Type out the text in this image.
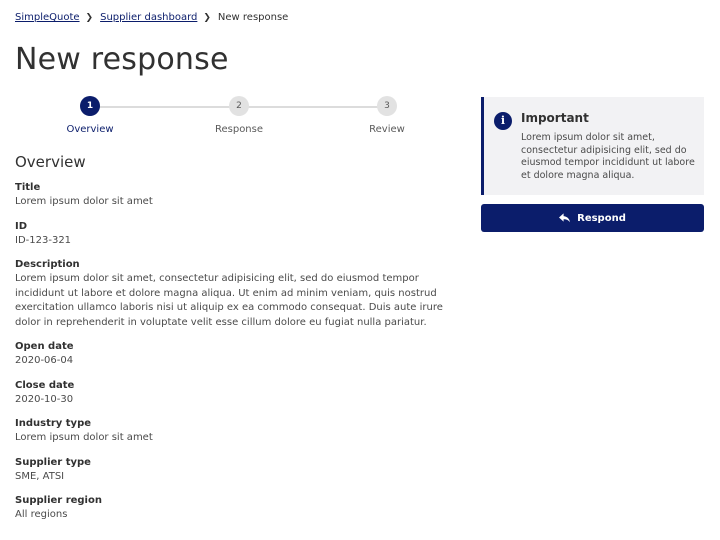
SimpleQuote ❯ Supplier dashboard ❯ New response
New response
1
Overview
2
Response
3
Review
Overview
Title
Lorem ipsum dolor sit amet
ID
ID-123-321
Description
Lorem ipsum dolor sit amet, consectetur adipisicing elit, sed do eiusmod tempor incididunt ut labore et dolore magna aliqua. Ut enim ad minim veniam, quis nostrud exercitation ullamco laboris nisi ut aliquip ex ea commodo consequat. Duis aute irure dolor in reprehenderit in voluptate velit esse cillum dolore eu fugiat nulla pariatur.
Open date
2020-06-04
Close date
2020-10-30
Industry type
Lorem ipsum dolor sit amet
Supplier type
SME, ATSI
Supplier region
All regions
i	Important
Lorem ipsum dolor sit amet, consectetur adipisicing elit, sed do eiusmod tempor incididunt ut labore et dolore magna aliqua.
Respond
